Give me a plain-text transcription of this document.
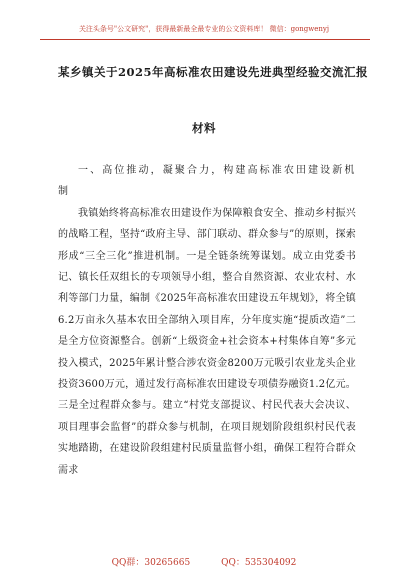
关注头条号"公文研究"，获得最新最全最专业的公文资料库！ 微信：gongwenyj
某乡镇关于2025年高标准农田建设先进典型经验交流汇报
材料

一、高位推动，凝聚合力，构建高标准农田建设新机制

我镇始终将高标准农田建设作为保障粮食安全、推动乡村振兴的战略工程，坚持“政府主导、部门联动、群众参与”的原则，探索形成“三全三化”推进机制。一是全链条统筹谋划。成立由党委书记、镇长任双组长的专项领导小组，整合自然资源、农业农村、水利等部门力量，编制《2025年高标准农田建设五年规划》，将全镇6.2万亩永久基本农田全部纳入项目库，分年度实施“提质改造”二是全方位资源整合。创新“上级资金+社会资本+村集体自筹”多元投入模式，2025年累计整合涉农资金8200万元吸引农业龙头企业投资3600万元，通过发行高标准农田建设专项债券融资1.2亿元。三是全过程群众参与。建立“村党支部提议、村民代表大会决议、项目理事会监督”的群众参与机制，在项目规划阶段组织村民代表实地踏勘，在建设阶段组建村民质量监督小组，确保工程符合群众需求

QQ群：30265665	QQ：535304092
